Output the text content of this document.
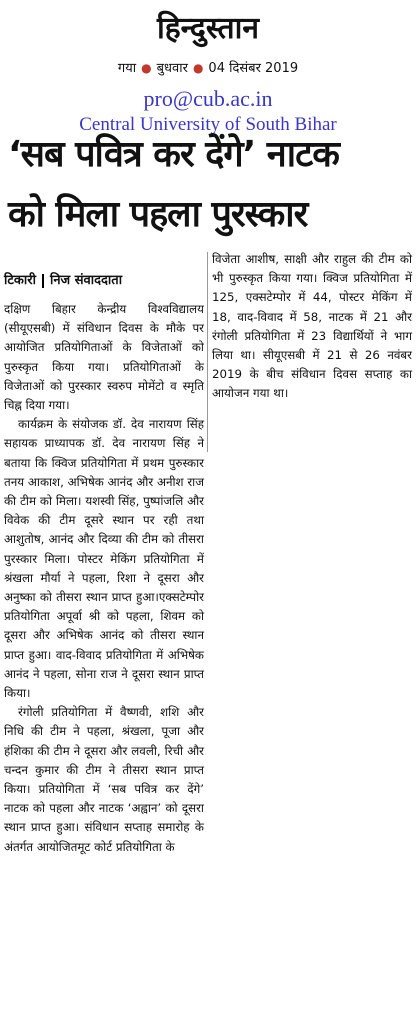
हिन्दुस्तान
गया ● बुधवार ● 04 दिसंबर 2019
pro@cub.ac.in
Central University of South Bihar
‘सब पवित्र कर देंगे’ नाटक
को मिला पहला पुरस्कार
टिकारी निज संवाददाता

दक्षिण बिहार केन्द्रीय विश्वविद्यालय (सीयूएसबी) में संविधान दिवस के मौके पर आयोजित प्रतियोगिताओं के विजेताओं को पुरुस्कृत किया गया। प्रतियोगिताओं के विजेताओं को पुरस्कार स्वरुप मोमेंटो व स्मृति चिह्न दिया गया।

कार्यक्रम के संयोजक डॉ. देव नारायण सिंह सहायक प्राध्यापक डॉ. देव नारायण सिंह ने बताया कि क्विज प्रतियोगिता में प्रथम पुरुस्कार तनय आकाश, अभिषेक आनंद और अनीश राज की टीम को मिला। यशस्वी सिंह, पुष्पांजलि और विवेक की टीम दूसरे स्थान पर रही तथा आशुतोष, आनंद और दिव्या की टीम को तीसरा पुरस्कार मिला। पोस्टर मेकिंग प्रतियोगिता में श्रंखला मौर्या ने पहला, रिशा ने दूसरा और अनुष्का को तीसरा स्थान प्राप्त हुआ।एक्सटेम्पोर प्रतियोगिता अपूर्वा श्री को पहला, शिवम को दूसरा और अभिषेक आनंद को तीसरा स्थान प्राप्त हुआ। वाद-विवाद प्रतियोगिता में अभिषेक आनंद ने पहला, सोना राज ने दूसरा स्थान प्राप्त किया।

रंगोली प्रतियोगिता में वैष्णवी, शशि और निधि की टीम ने पहला, श्रंखला, पूजा और हंशिका की टीम ने दूसरा और लवली, रिची और चन्दन कुमार की टीम ने तीसरा स्थान प्राप्त किया। प्रतियोगिता में ‘सब पवित्र कर देंगे’ नाटक को पहला और नाटक ‘अह्वान’ को दूसरा स्थान प्राप्त हुआ। संविधान सप्ताह समारोह के अंतर्गत आयोजितमूट कोर्ट प्रतियोगिता के

विजेता आशीष, साक्षी और राहुल की टीम को भी पुरुस्कृत किया गया। क्विज प्रतियोगिता में 125, एक्सटेम्पोर में 44, पोस्टर मेकिंग में 18, वाद-विवाद में 58, नाटक में 21 और रंगोली प्रतियोगिता में 23 विद्यार्थियों ने भाग लिया था। सीयूएसबी में 21 से 26 नवंबर 2019 के बीच संविधान दिवस सप्ताह का आयोजन गया था।
